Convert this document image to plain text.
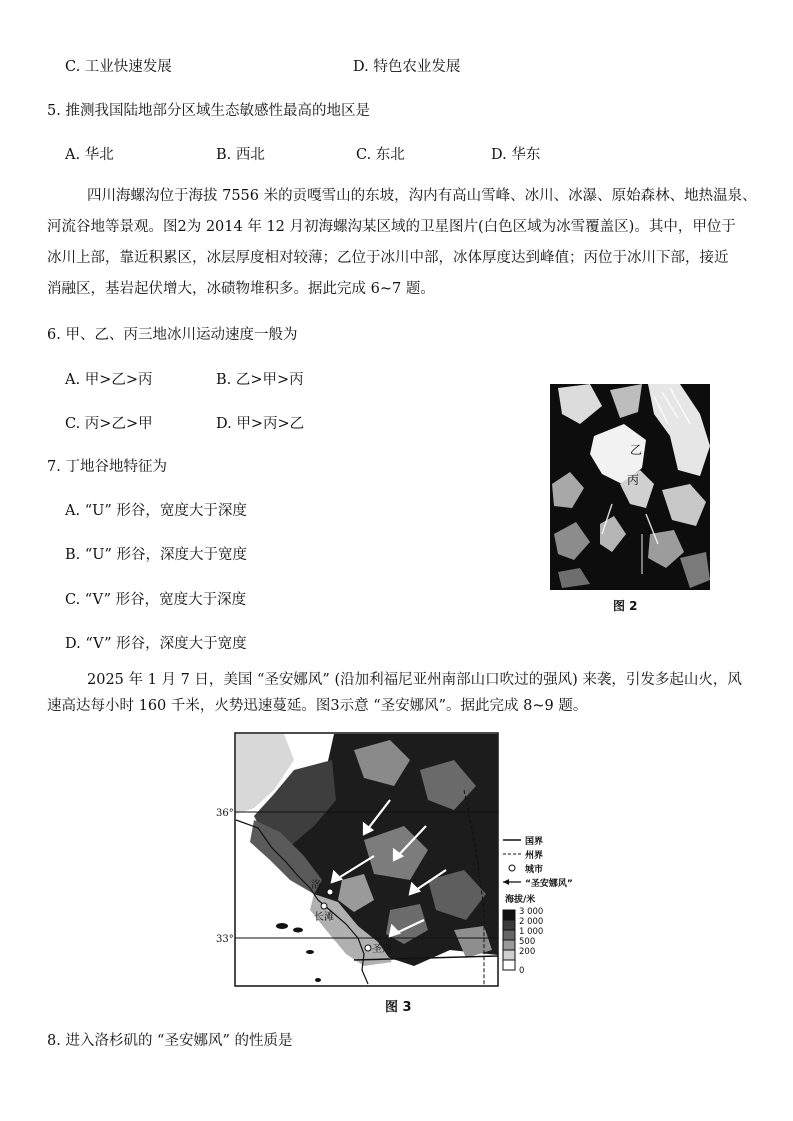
C. 工业快速发展	D. 特色农业发展
5. 推测我国陆地部分区域生态敏感性最高的地区是
A. 华北	B. 西北	C. 东北	D. 华东
四川海螺沟位于海拔 7556 米的贡嘎雪山的东坡，沟内有高山雪峰、冰川、冰瀑、原始森林、地热温泉、
河流谷地等景观。图2为 2014 年 12 月初海螺沟某区域的卫星图片(白色区域为冰雪覆盖区)。其中，甲位于
冰川上部，靠近积累区，冰层厚度相对较薄；乙位于冰川中部，冰体厚度达到峰值；丙位于冰川下部，接近
消融区，基岩起伏增大，冰碛物堆积多。据此完成 6~7 题。
6. 甲、乙、丙三地冰川运动速度一般为
A. 甲>乙>丙	B. 乙>甲>丙
C. 丙>乙>甲	D. 甲>丙>乙
7. 丁地谷地特征为
A. “U” 形谷，宽度大于深度
B. “U” 形谷，深度大于宽度
C. “V” 形谷，宽度大于深度
D. “V” 形谷，深度大于宽度
乙
丙
图 2
2025 年 1 月 7 日，美国 “圣安娜风” (沿加利福尼亚州南部山口吹过的强风) 来袭，引发多起山火，风
速高达每小时 160 千米，火势迅速蔓延。图3示意 “圣安娜风”。据此完成 8~9 题。
36°
33°
洛
长滩
圣迭
国界
州界
城市
“圣安娜风”
海拔/米
3 000
2 000
1 000
500
200
0
图 3
8. 进入洛杉矶的 “圣安娜风” 的性质是
